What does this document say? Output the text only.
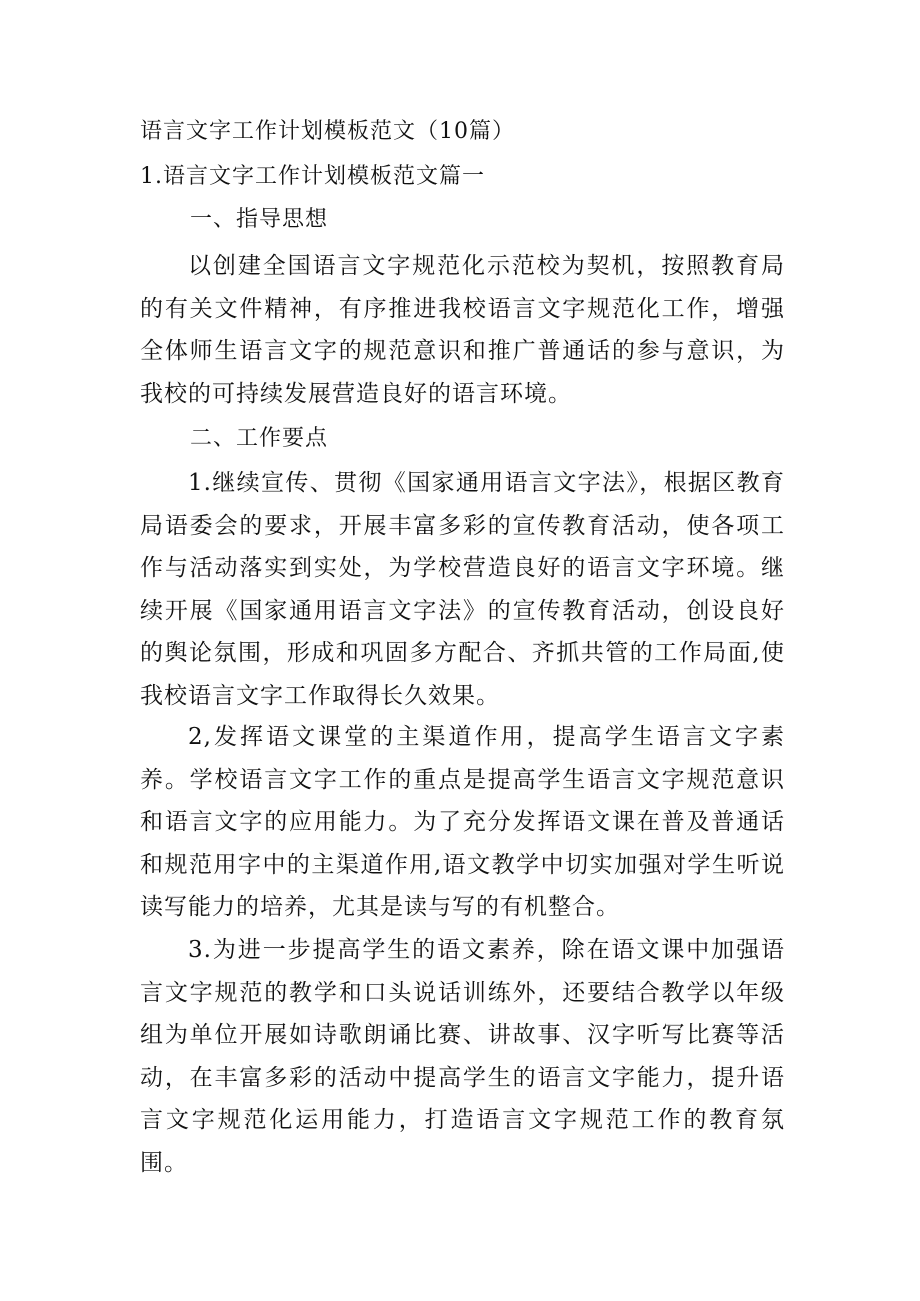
语言文字工作计划模板范文（10篇）
1.语言文字工作计划模板范文篇一
一、指导思想
以创建全国语言文字规范化示范校为契机，按照教育局的有关文件精神，有序推进我校语言文字规范化工作，增强全体师生语言文字的规范意识和推广普通话的参与意识，为我校的可持续发展营造良好的语言环境。
二、工作要点
1.继续宣传、贯彻《国家通用语言文字法》，根据区教育局语委会的要求，开展丰富多彩的宣传教育活动，使各项工作与活动落实到实处，为学校营造良好的语言文字环境。继续开展《国家通用语言文字法》的宣传教育活动，创设良好的舆论氛围，形成和巩固多方配合、齐抓共管的工作局面,使我校语言文字工作取得长久效果。
2,发挥语文课堂的主渠道作用，提高学生语言文字素养。学校语言文字工作的重点是提高学生语言文字规范意识和语言文字的应用能力。为了充分发挥语文课在普及普通话和规范用字中的主渠道作用,语文教学中切实加强对学生听说读写能力的培养，尤其是读与写的有机整合。
3.为进一步提高学生的语文素养，除在语文课中加强语言文字规范的教学和口头说话训练外，还要结合教学以年级组为单位开展如诗歌朗诵比赛、讲故事、汉字听写比赛等活动，在丰富多彩的活动中提高学生的语言文字能力，提升语言文字规范化运用能力，打造语言文字规范工作的教育氛围。
